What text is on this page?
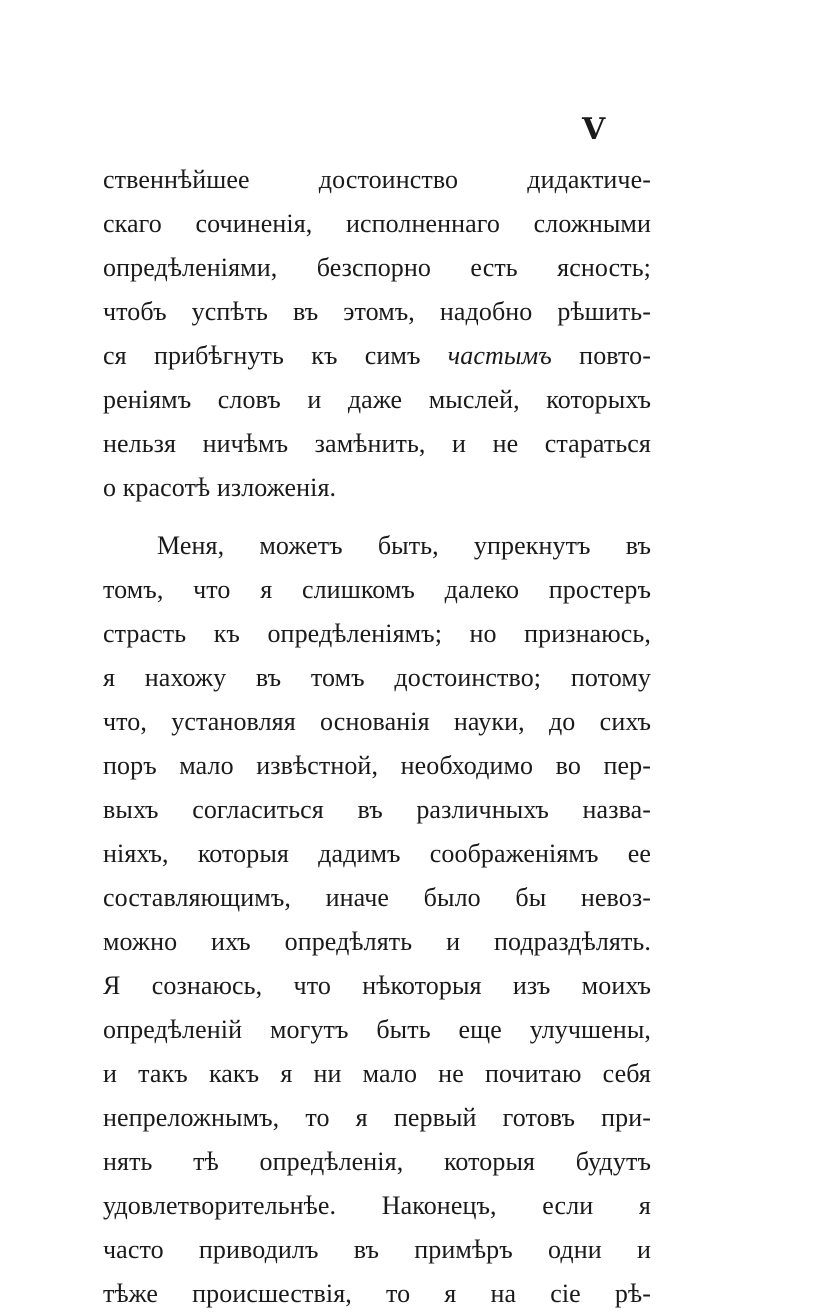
V
ственнѣйшее достоинство дидактиче-
скаго сочиненія, исполненнаго сложными
опредѣленіями, безспорно есть ясность;
чтобъ успѣть въ этомъ, надобно рѣшить-
ся прибѣгнуть къ симъ частымъ повто-
реніямъ словъ и даже мыслей, которыхъ
нельзя ничѣмъ замѣнить, и не стараться
о красотѣ изложенія.
Меня, можетъ быть, упрекнутъ въ
томъ, что я слишкомъ далеко простеръ
страсть къ опредѣленіямъ; но признаюсь,
я нахожу въ томъ достоинство; потому
что, установляя основанія науки, до сихъ
поръ мало извѣстной, необходимо во пер-
выхъ согласиться въ различныхъ назва-
ніяхъ, которыя дадимъ соображеніямъ ее
составляющимъ, иначе было бы невоз-
можно ихъ опредѣлять и подраздѣлять.
Я сознаюсь, что нѣкоторыя изъ моихъ
опредѣленій могутъ быть еще улучшены,
и такъ какъ я ни мало не почитаю себя
непреложнымъ, то я первый готовъ при-
нять тѣ опредѣленія, которыя будутъ
удовлетворительнѣе. Наконецъ, если я
часто приводилъ въ примѣръ одни и
тѣже происшествія, то я на сіе рѣ-
